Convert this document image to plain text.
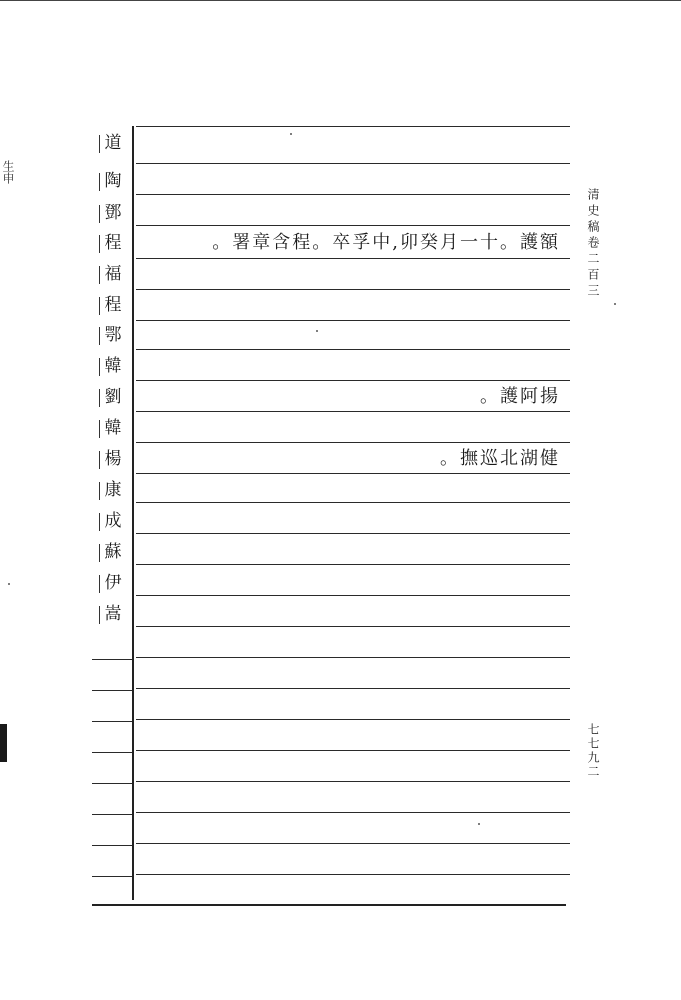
生申
清史稿卷二百三
七七九二
道
陶
鄧
程
福
程
鄂
韓
劉
韓
楊
康
成
蘇
伊
嵩
額護。十一月癸卯,中孚卒。程含章署。
揚阿護。
健湖北巡撫。
